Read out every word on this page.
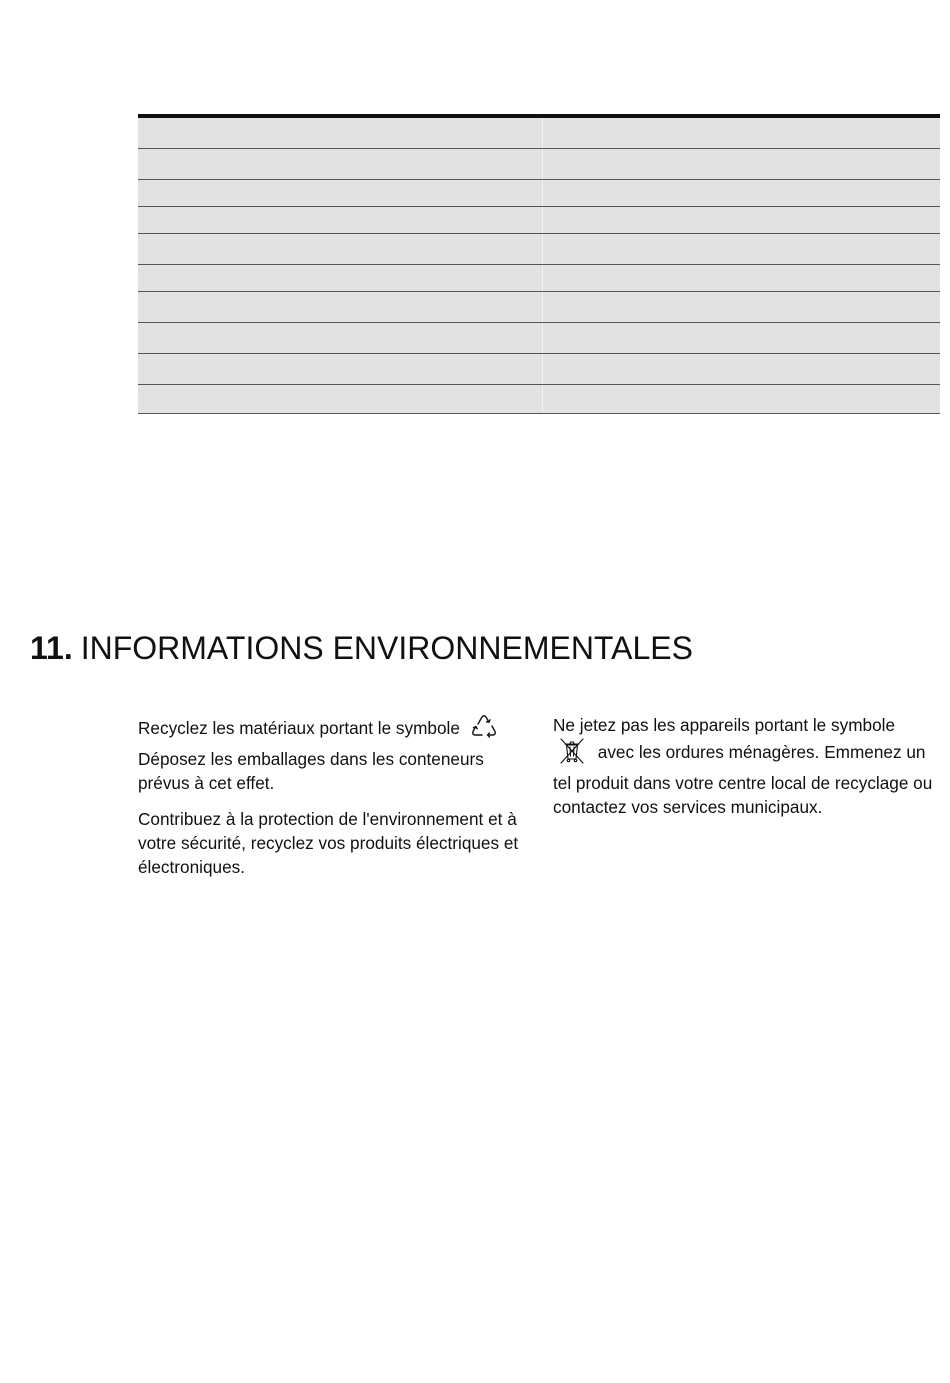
11. INFORMATIONS ENVIRONNEMENTALES

Recyclez les matériaux portant le symbole  Déposez les emballages dans les conteneurs prévus à cet effet.

Contribuez à la protection de l'environnement et à votre sécurité, recyclez vos produits électriques et électroniques.

Ne jetez pas les appareils portant le symbole  avec les ordures ménagères. Emmenez un tel produit dans votre centre local de recyclage ou contactez vos services municipaux.
